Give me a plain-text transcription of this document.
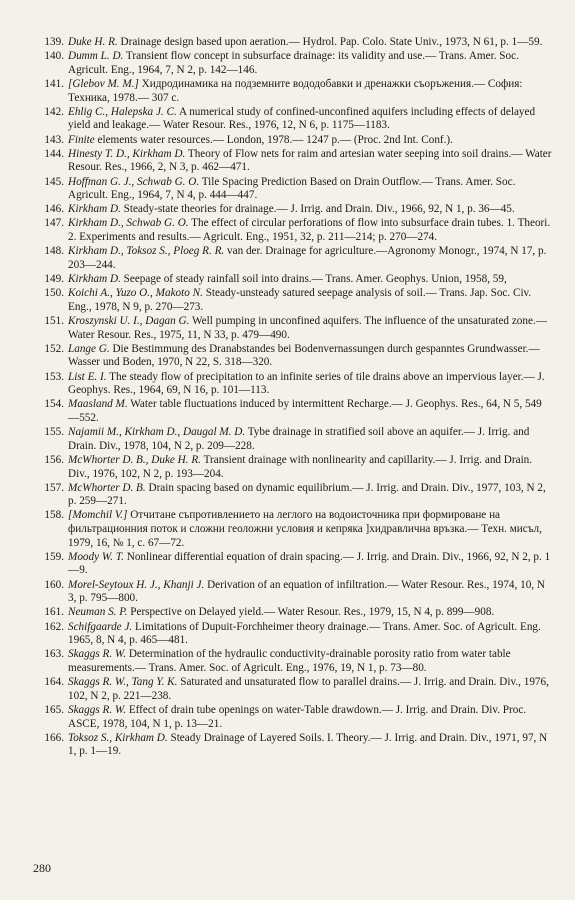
139. Duke H. R. Drainage design based upon aeration.— Hydrol. Pap. Colo. State Univ., 1973, N 61, p. 1—59.
140. Dumm L. D. Transient flow concept in subsurface drainage: its validity and use.— Trans. Amer. Soc. Agricult. Eng., 1964, 7, N 2, p. 142—146.
141. [Glebov M. M.] Хидродинамика на подземните вододобавки и дренажки съоръжения.— София: Техника, 1978.— 307 с.
142. Ehlig C., Halepska J. C. A numerical study of confined-unconfined aquifers including effects of delayed yield and leakage.— Water Resour. Res., 1976, 12, N 6, p. 1175—1183.
143. Finite elements water resources.— London, 1978.— 1247 p.— (Proc. 2nd Int. Conf.).
144. Hinesty T. D., Kirkham D. Theory of Flow nets for raim and artesian water seeping into soil drains.— Water Resour. Res., 1966, 2, N 3, p. 462—471.
145. Hoffman G. J., Schwab G. O. Tile Spacing Prediction Based on Drain Outflow.— Trans. Amer. Soc. Agricult. Eng., 1964, 7, N 4, p. 444—447.
146. Kirkham D. Steady-state theories for drainage.— J. Irrig. and Drain. Div., 1966, 92, N 1, p. 36—45.
147. Kirkham D., Schwab G. O. The effect of circular perforations of flow into subsurface drain tubes. 1. Theori. 2. Experiments and results.— Agricult. Eng., 1951, 32, p. 211—214; p. 270—274.
148. Kirkham D., Toksoz S., Ploeg R. R. van der. Drainage for agriculture.—Agronomy Monogr., 1974, N 17, p. 203—244.
149. Kirkham D. Seepage of steady rainfall soil into drains.— Trans. Amer. Geophys. Union, 1958, 59,
150. Koichi A., Yuzo O., Makoto N. Steady-unsteady satured seepage analysis of soil.— Trans. Jap. Soc. Civ. Eng., 1978, N 9, p. 270—273.
151. Kroszynski U. I., Dagan G. Well pumping in unconfined aquifers. The influence of the unsaturated zone.— Water Resour. Res., 1975, 11, N 33, p. 479—490.
152. Lange G. Die Bestimmung des Dranabstandes bei Bodenvernassungen durch gespanntes Grundwasser.— Wasser und Boden, 1970, N 22, S. 318—320.
153. List E. I. The steady flow of precipitation to an infinite series of tile drains above an impervious layer.— J. Geophys. Res., 1964, 69, N 16, p. 101—113.
154. Maasland M. Water table fluctuations induced by intermittent Recharge.— J. Geophys. Res., 64, N 5, 549—552.
155. Najamii M., Kirkham D., Daugal M. D. Tybe drainage in stratified soil above an aquifer.— J. Irrig. and Drain. Div., 1978, 104, N 2, p. 209—228.
156. McWhorter D. B., Duke H. R. Transient drainage with nonlinearity and capillarity.— J. Irrig. and Drain. Div., 1976, 102, N 2, p. 193—204.
157. McWhorter D. B. Drain spacing based on dynamic equilibrium.— J. Irrig. and Drain. Div., 1977, 103, N 2, p. 259—271.
158. [Momchil V.] Отчитане съпротивлението на леглого на водоисточника при формироване на фильтрационния поток и сложни геоложни условия и кепряка ]хидравлична връзка.— Техн. мисъл, 1979, 16, № 1, с. 67—72.
159. Moody W. T. Nonlinear differential equation of drain spacing.— J. Irrig. and Drain. Div., 1966, 92, N 2, p. 1—9.
160. Morel-Seytoux H. J., Khanji J. Derivation of an equation of infiltration.— Water Resour. Res., 1974, 10, N 3, p. 795—800.
161. Neuman S. P. Perspective on Delayed yield.— Water Resour. Res., 1979, 15, N 4, p. 899—908.
162. Schifgaarde J. Limitations of Dupuit-Forchheimer theory drainage.— Trans. Amer. Soc. of Agricult. Eng. 1965, 8, N 4, p. 465—481.
163. Skaggs R. W. Determination of the hydraulic conductivity-drainable porosity ratio from water table measurements.— Trans. Amer. Soc. of Agricult. Eng., 1976, 19, N 1, p. 73—80.
164. Skaggs R. W., Tang Y. K. Saturated and unsaturated flow to parallel drains.— J. Irrig. and Drain. Div., 1976, 102, N 2, p. 221—238.
165. Skaggs R. W. Effect of drain tube openings on water-Table drawdown.— J. Irrig. and Drain. Div. Proc. ASCE, 1978, 104, N 1, p. 13—21.
166. Toksoz S., Kirkham D. Steady Drainage of Layered Soils. I. Theory.— J. Irrig. and Drain. Div., 1971, 97, N 1, p. 1—19.
280
